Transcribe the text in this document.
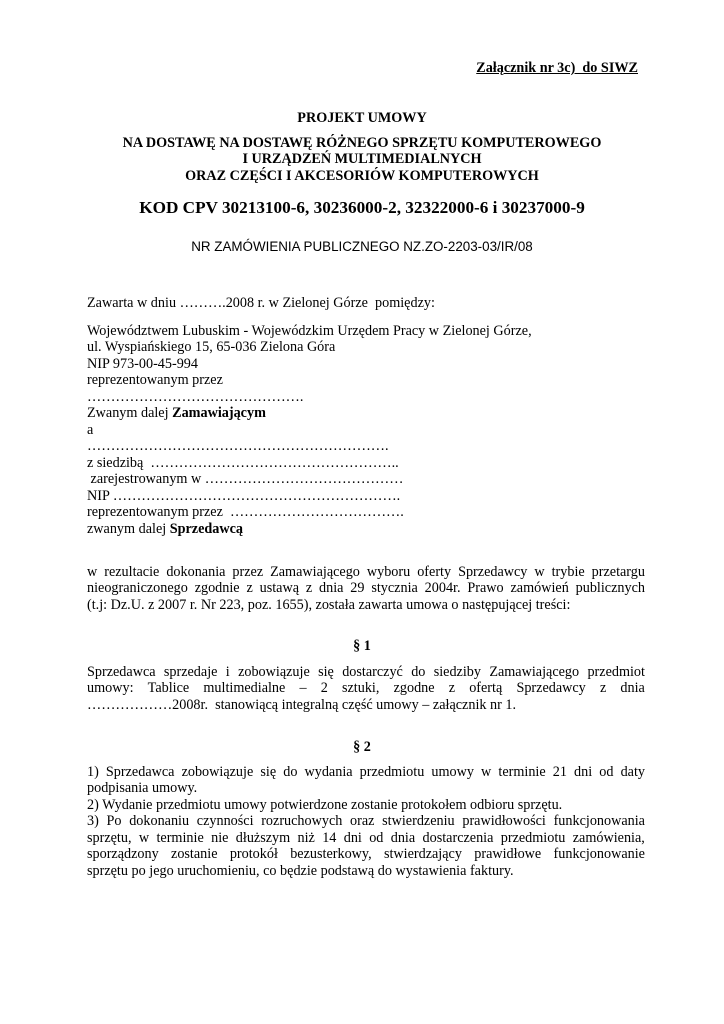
Załącznik nr 3c)  do SIWZ
PROJEKT UMOWY
NA DOSTAWĘ NA DOSTAWĘ RÓŻNEGO SPRZĘTU KOMPUTEROWEGO
I URZĄDZEŃ MULTIMEDIALNYCH
ORAZ CZĘŚCI I AKCESORIÓW KOMPUTEROWYCH
KOD CPV 30213100-6, 30236000-2, 32322000-6 i 30237000-9
NR ZAMÓWIENIA PUBLICZNEGO NZ.ZO-2203-03/IR/08
Zawarta w dniu ……….2008 r. w Zielonej Górze  pomiędzy:
Województwem Lubuskim - Wojewódzkim Urzędem Pracy w Zielonej Górze,
ul. Wyspiańskiego 15, 65-036 Zielona Góra
NIP 973-00-45-994
reprezentowanym przez
……………………………………….
Zwanym dalej Zamawiającym
a
……………………………………………………….
z siedzibą  ……………………………………………..
zarejestrowanym w ……………………………………
NIP …………………………………………………….
reprezentowanym przez  ……………………………….
zwanym dalej Sprzedawcą
w rezultacie dokonania przez Zamawiającego wyboru oferty Sprzedawcy w trybie przetargu
nieograniczonego zgodnie z ustawą z dnia 29 stycznia 2004r. Prawo zamówień publicznych
(t.j: Dz.U. z 2007 r. Nr 223, poz. 1655), została zawarta umowa o następującej treści:
§ 1
Sprzedawca sprzedaje i zobowiązuje się dostarczyć do siedziby Zamawiającego przedmiot
umowy: Tablice multimedialne – 2 sztuki, zgodne z ofertą Sprzedawcy z dnia
………………2008r.  stanowiącą integralną część umowy – załącznik nr 1.
§ 2
1) Sprzedawca zobowiązuje się do wydania przedmiotu umowy w terminie 21 dni od daty
podpisania umowy.
2) Wydanie przedmiotu umowy potwierdzone zostanie protokołem odbioru sprzętu.
3) Po dokonaniu czynności rozruchowych oraz stwierdzeniu prawidłowości funkcjonowania
sprzętu, w terminie nie dłuższym niż 14 dni od dnia dostarczenia przedmiotu zamówienia,
sporządzony zostanie protokół bezusterkowy, stwierdzający prawidłowe funkcjonowanie
sprzętu po jego uruchomieniu, co będzie podstawą do wystawienia faktury.
